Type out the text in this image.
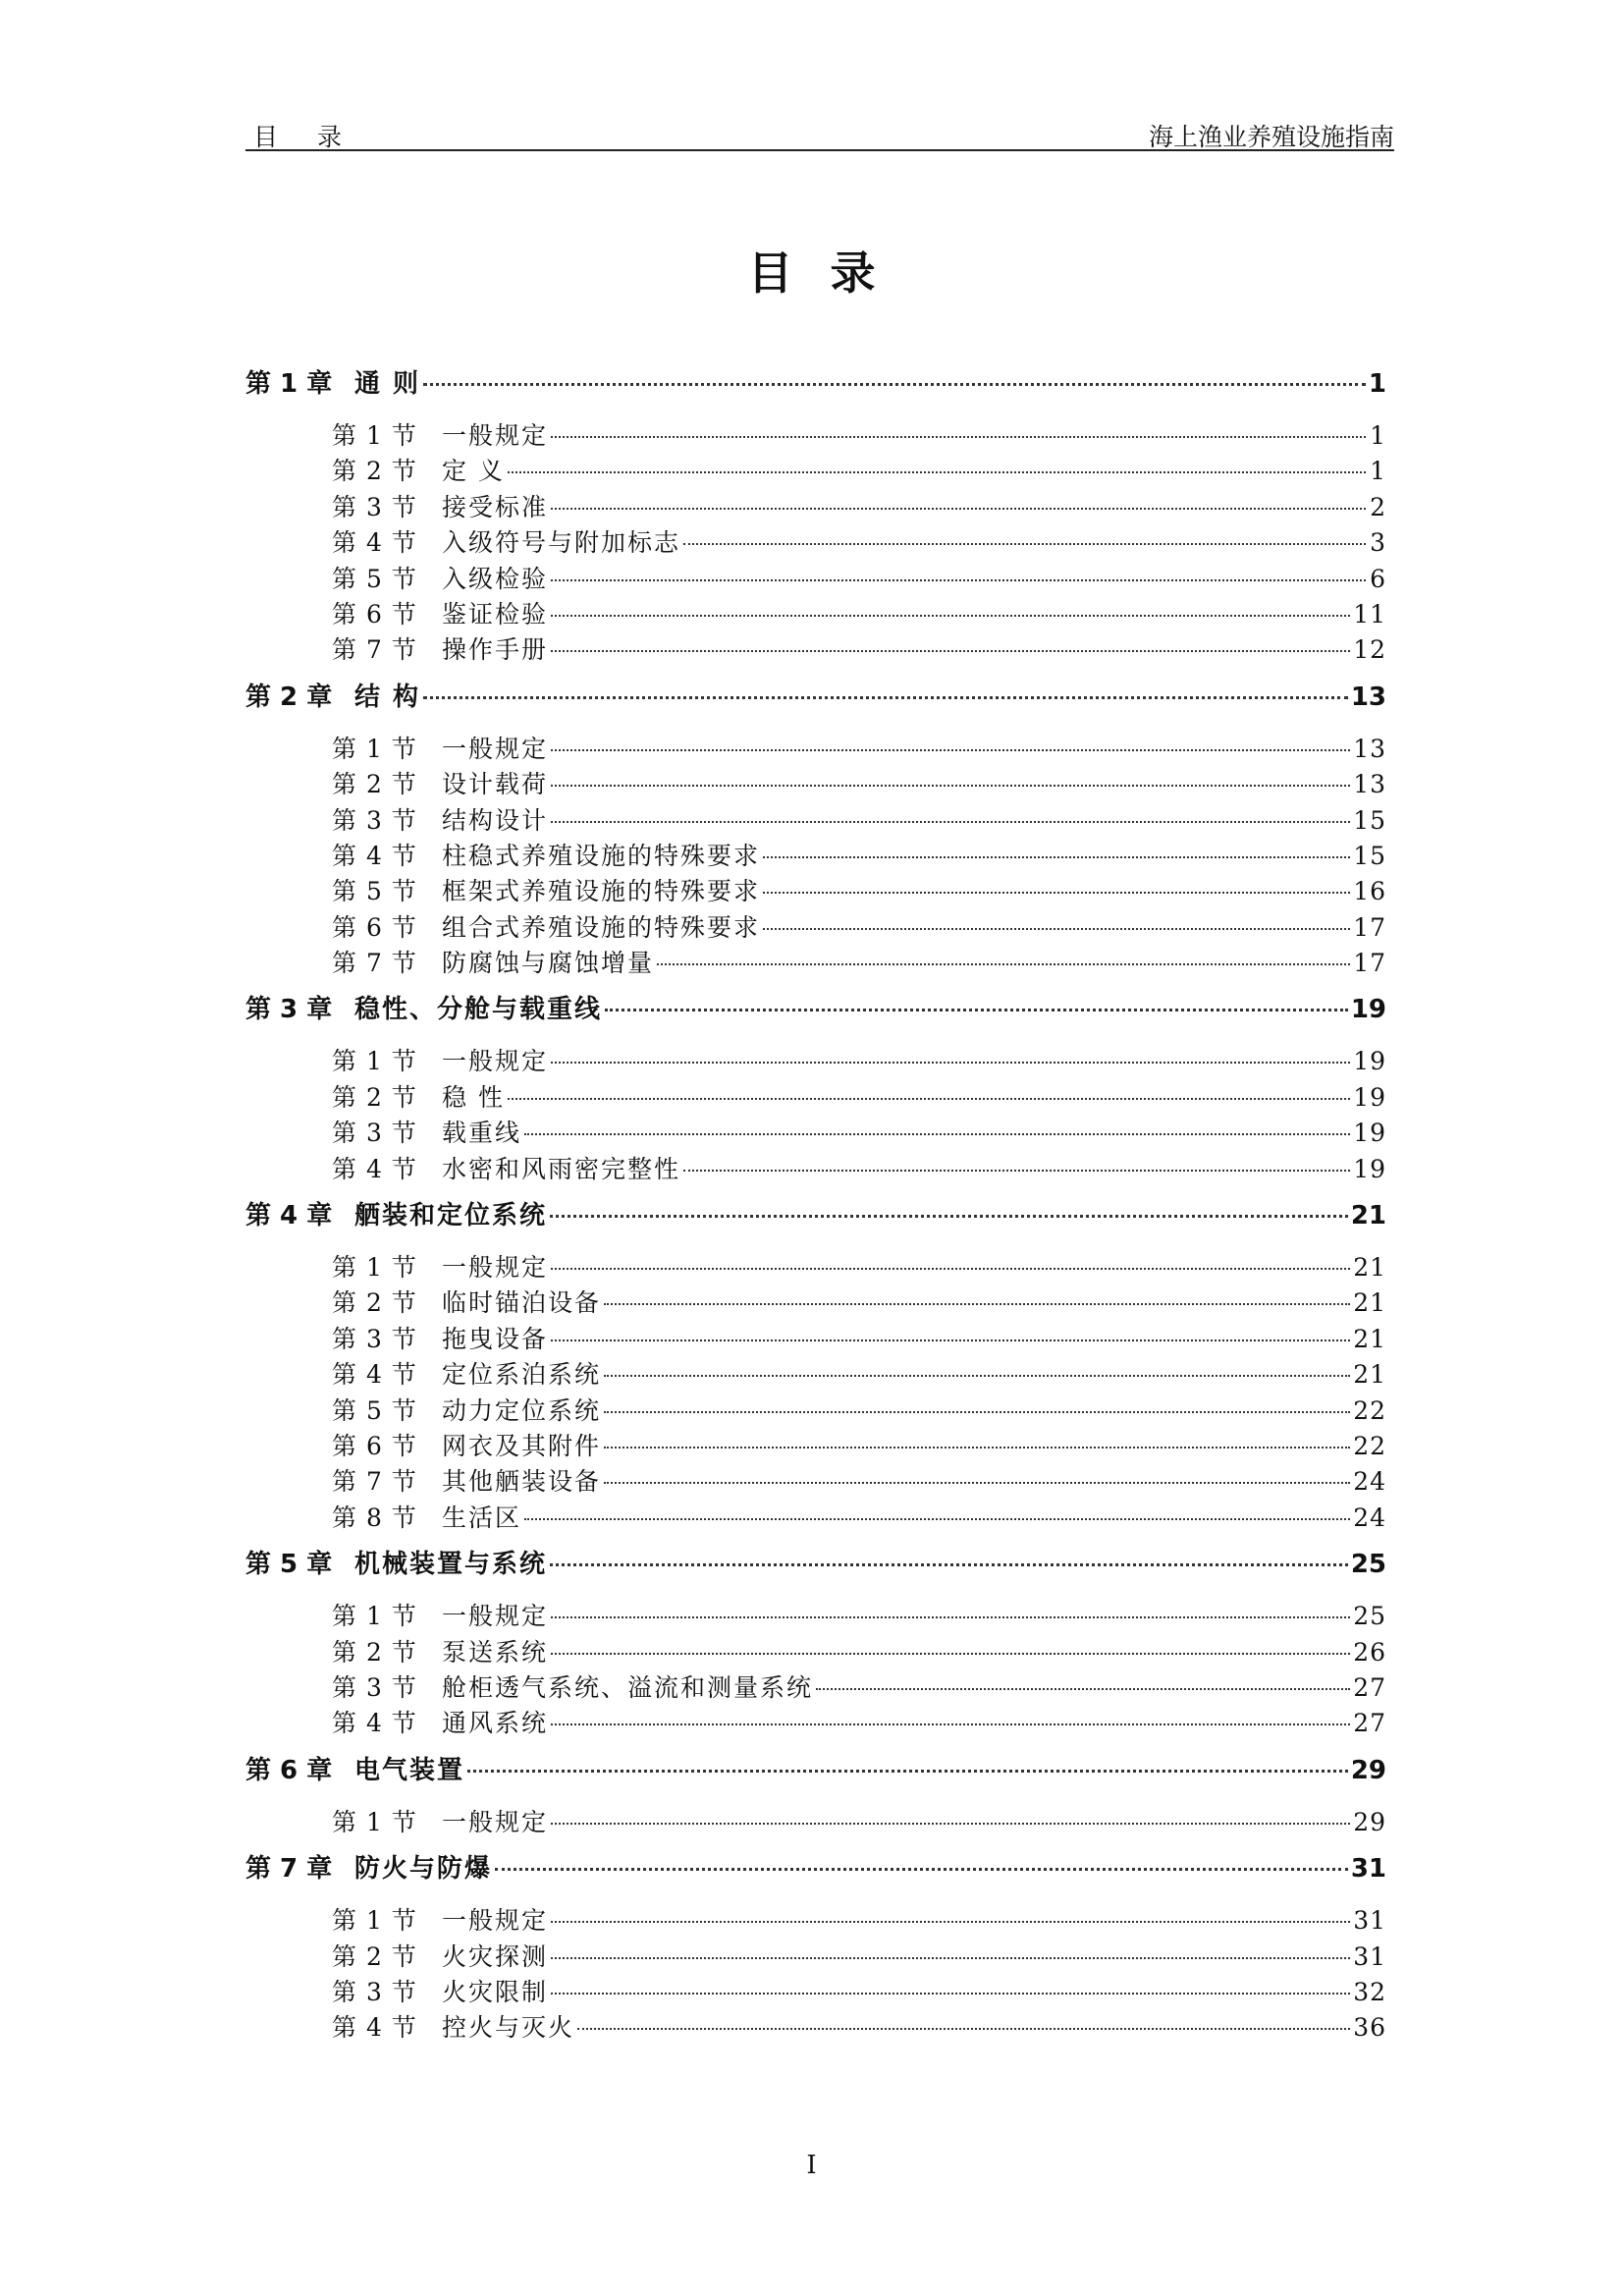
目 录	海上渔业养殖设施指南
目录
第 1 章 通 则	1
第 1 节	一般规定	1
第 2 节	定 义	1
第 3 节	接受标准	2
第 4 节	入级符号与附加标志	3
第 5 节	入级检验	6
第 6 节	鉴证检验	11
第 7 节	操作手册	12
第 2 章 结 构	13
第 1 节	一般规定	13
第 2 节	设计载荷	13
第 3 节	结构设计	15
第 4 节	柱稳式养殖设施的特殊要求	15
第 5 节	框架式养殖设施的特殊要求	16
第 6 节	组合式养殖设施的特殊要求	17
第 7 节	防腐蚀与腐蚀增量	17
第 3 章 稳性、分舱与载重线	19
第 1 节	一般规定	19
第 2 节	稳 性	19
第 3 节	载重线	19
第 4 节	水密和风雨密完整性	19
第 4 章 舾装和定位系统	21
第 1 节	一般规定	21
第 2 节	临时锚泊设备	21
第 3 节	拖曳设备	21
第 4 节	定位系泊系统	21
第 5 节	动力定位系统	22
第 6 节	网衣及其附件	22
第 7 节	其他舾装设备	24
第 8 节	生活区	24
第 5 章 机械装置与系统	25
第 1 节	一般规定	25
第 2 节	泵送系统	26
第 3 节	舱柜透气系统、溢流和测量系统	27
第 4 节	通风系统	27
第 6 章 电气装置	29
第 1 节	一般规定	29
第 7 章 防火与防爆	31
第 1 节	一般规定	31
第 2 节	火灾探测	31
第 3 节	火灾限制	32
第 4 节	控火与灭火	36
I
